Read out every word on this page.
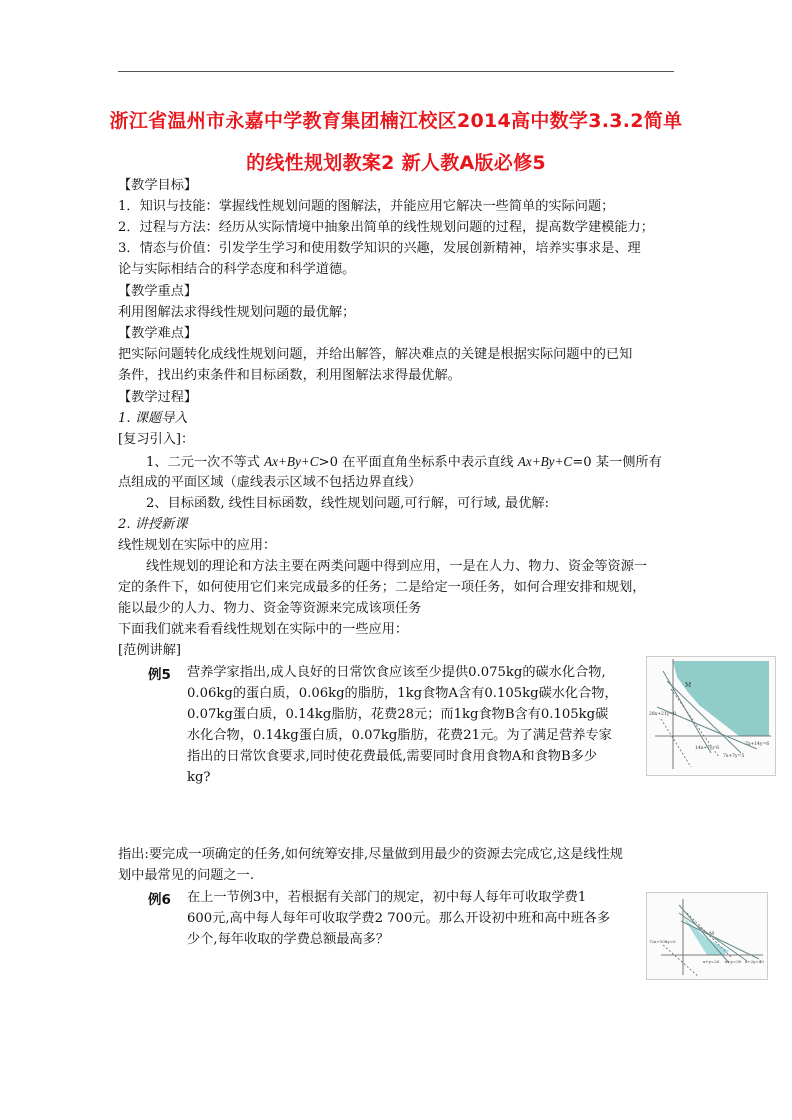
浙江省温州市永嘉中学教育集团楠江校区2014高中数学3.3.2简单
的线性规划教案2 新人教A版必修5
【教学目标】
1．知识与技能：掌握线性规划问题的图解法，并能应用它解决一些简单的实际问题；
2．过程与方法：经历从实际情境中抽象出简单的线性规划问题的过程，提高数学建模能力；
3．情态与价值：引发学生学习和使用数学知识的兴趣，发展创新精神，培养实事求是、理
论与实际相结合的科学态度和科学道德。
【教学重点】
利用图解法求得线性规划问题的最优解；
【教学难点】
把实际问题转化成线性规划问题，并给出解答，解决难点的关键是根据实际问题中的已知
条件，找出约束条件和目标函数，利用图解法求得最优解。
【教学过程】
1. 课题导入
[复习引入]：
1、二元一次不等式 Ax+By+C>0 在平面直角坐标系中表示直线 Ax+By+C=0 某一侧所有
点组成的平面区域（虚线表示区域不包括边界直线）
2、目标函数, 线性目标函数，线性规划问题,可行解，可行域, 最优解:
2. 讲授新课
线性规划在实际中的应用：
线性规划的理论和方法主要在两类问题中得到应用，一是在人力、物力、资金等资源一
定的条件下，如何使用它们来完成最多的任务；二是给定一项任务，如何合理安排和规划，
能以最少的人力、物力、资金等资源来完成该项任务
下面我们就来看看线性规划在实际中的一些应用：
[范例讲解]
例5 营养学家指出,成人良好的日常饮食应该至少提供0.075kg的碳水化合物,
0.06kg的蛋白质，0.06kg的脂肪，1kg食物A含有0.105kg碳水化合物，
0.07kg蛋白质，0.14kg脂肪，花费28元；而1kg食物B含有0.105kg碳
水化合物，0.14kg蛋白质，0.07kg脂肪，花费21元。为了满足营养专家
指出的日常饮食要求,同时使花费最低,需要同时食用食物A和食物B多少
kg?
M
28x+21y=0
14x+7y=6
7x+7y=5
7x+14y=6
指出:要完成一项确定的任务,如何统筹安排,尽量做到用最少的资源去完成它,这是线性规
划中最常见的问题之一.
例6 在上一节例3中，若根据有关部门的规定，初中每人每年可收取学费1
600元,高中每人每年可收取学费2 700元。那么开设初中班和高中班各多
少个,每年收取的学费总额最高多？	M
72x+108y=0
x+y=20 x+y=30 x+2y=40
